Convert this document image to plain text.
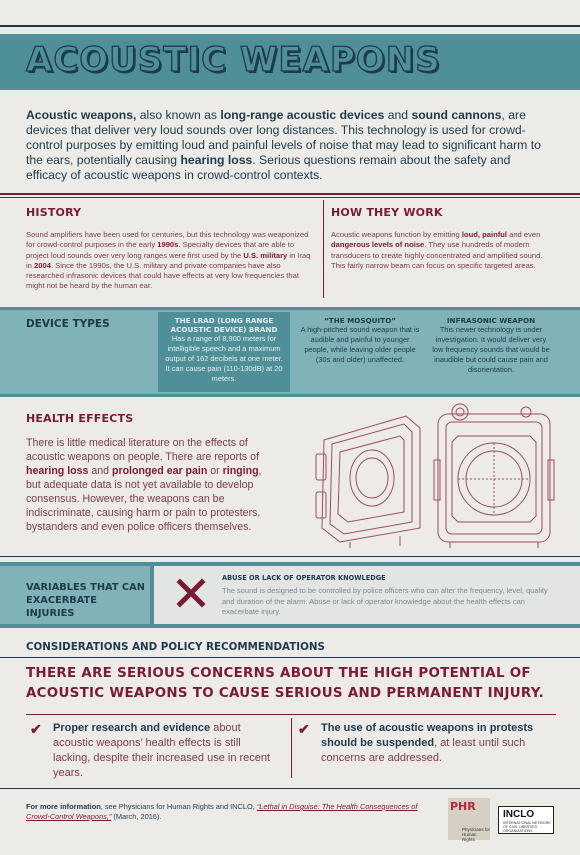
ACOUSTIC WEAPONS
Acoustic weapons, also known as long-range acoustic devices and sound cannons, are devices that deliver very loud sounds over long distances. This technology is used for crowd-control purposes by emitting loud and painful levels of noise that may lead to significant harm to the ears, potentially causing hearing loss. Serious questions remain about the safety and efficacy of acoustic weapons in crowd-control contexts.
HISTORY
Sound amplifiers have been used for centuries, but this technology was weaponized for crowd-control purposes in the early 1990s. Specialty devices that are able to project loud sounds over very long ranges were first used by the U.S. military in Iraq in 2004. Since the 1990s, the U.S. military and private companies have also researched infrasonic devices that could have effects at very low frequencies that might not be heard by the human ear.
HOW THEY WORK
Acoustic weapons function by emitting loud, painful and even dangerous levels of noise. They use hundreds of modern transducers to create highly concentrated and amplified sound. This fairly narrow beam can focus on specific targeted areas.
DEVICE TYPES	THE LRAD (LONG RANGE ACOUSTIC DEVICE) BRAND

Has a range of 8,900 meters for intelligible speech and a maximum output of 162 decibels at one meter. It can cause pain (110-130dB) at 20 meters.

“THE MOSQUITO”

A high-pitched sound weapon that is audible and painful to younger people, while leaving older people (30s and older) unaffected.

INFRASONIC WEAPON

This newer technology is under investigation. It would deliver very low frequency sounds that would be inaudible but could cause pain and disorientation.

HEALTH EFFECTS
There is little medical literature on the effects of acoustic weapons on people. There are reports of hearing loss and prolonged ear pain or ringing, but adequate data is not yet available to develop consensus. However, the weapons can be indiscriminate, causing harm or pain to protesters, bystanders and even police officers themselves.
VARIABLES THAT CAN EXACERBATE INJURIES
ABUSE OR LACK OF OPERATOR KNOWLEDGE
The sound is designed to be controlled by police officers who can alter the frequency, level, quality and duration of the alarm. Abuse or lack of operator knowledge about the health effects can exacerbate injury.
CONSIDERATIONS AND POLICY RECOMMENDATIONS
THERE ARE SERIOUS CONCERNS ABOUT THE HIGH POTENTIAL OF ACOUSTIC WEAPONS TO CAUSE SERIOUS AND PERMANENT INJURY.
✔ Proper research and evidence about acoustic weapons’ health effects is still lacking, despite their increased use in recent years.
✔ The use of acoustic weapons in protests should be suspended, at least until such concerns are addressed.
For more information, see Physicians for Human Rights and INCLO, “Lethal in Disguise: The Health Consequences of Crowd-Control Weapons,” (March, 2016).
PHR
Physicians for Human Rights
INCLO
INTERNATIONAL NETWORK OF CIVIL LIBERTIES ORGANIZATIONS
